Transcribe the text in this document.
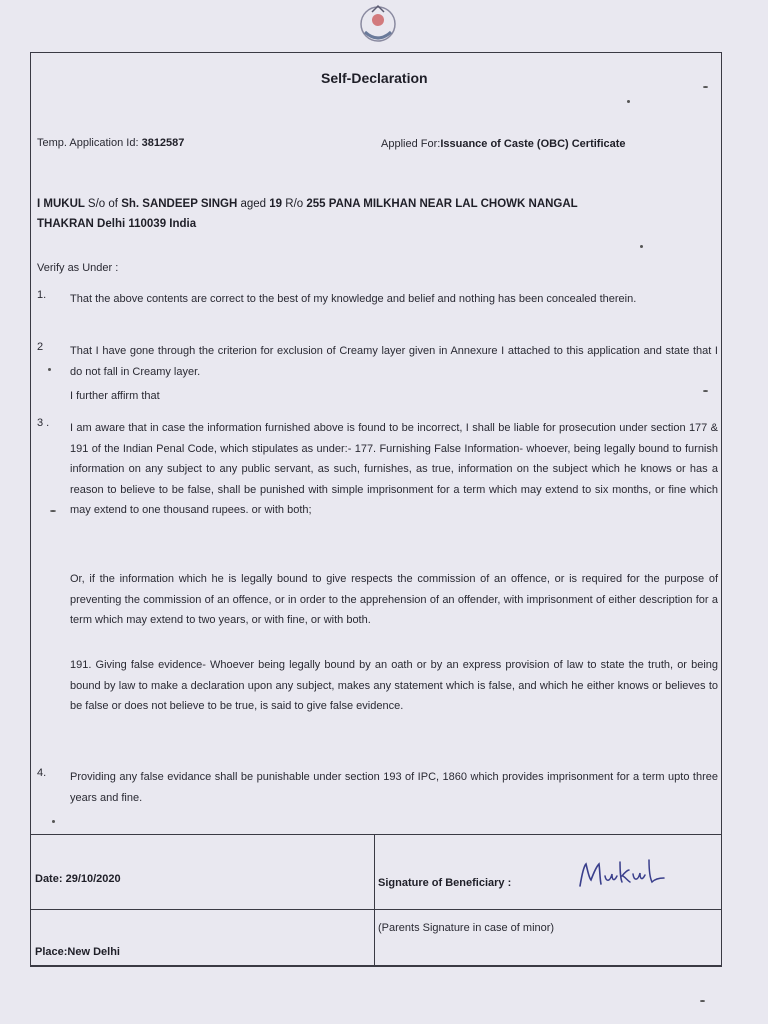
Self-Declaration
Temp. Application Id: 3812587	Applied For:Issuance of Caste (OBC) Certificate
I MUKUL S/o of Sh. SANDEEP SINGH aged 19 R/o 255 PANA MILKHAN NEAR LAL CHOWK NANGAL
THAKRAN Delhi 110039 India
Verify as Under :
1. That the above contents are correct to the best of my knowledge and belief and nothing has been concealed therein.
2 That I have gone through the criterion for exclusion of Creamy layer given in Annexure I attached to this application and state that I do not fall in Creamy layer.
I further affirm that
3 . I am aware that in case the information furnished above is found to be incorrect, I shall be liable for prosecution under section 177 & 191 of the Indian Penal Code, which stipulates as under:- 177. Furnishing False Information- whoever, being legally bound to furnish information on any subject to any public servant, as such, furnishes, as true, information on the subject which he knows or has a reason to believe to be false, shall be punished with simple imprisonment for a term which may extend to six months, or fine which may extend to one thousand rupees. or with both;

Or, if the information which he is legally bound to give respects the commission of an offence, or is required for the purpose of preventing the commission of an offence, or in order to the apprehension of an offender, with imprisonment of either description for a term which may extend to two years, or with fine, or with both.
191. Giving false evidence- Whoever being legally bound by an oath or by an express provision of law to state the truth, or being bound by law to make a declaration upon any subject, makes any statement which is false, and which he either knows or believes to be false or does not believe to be true, is said to give false evidence.
4. Providing any false evidance shall be punishable under section 193 of IPC, 1860 which provides imprisonment for a term upto three years and fine.
Date: 29/10/2020
Place:New Delhi
Signature of Beneficiary :
(Parents Signature in case of minor)
